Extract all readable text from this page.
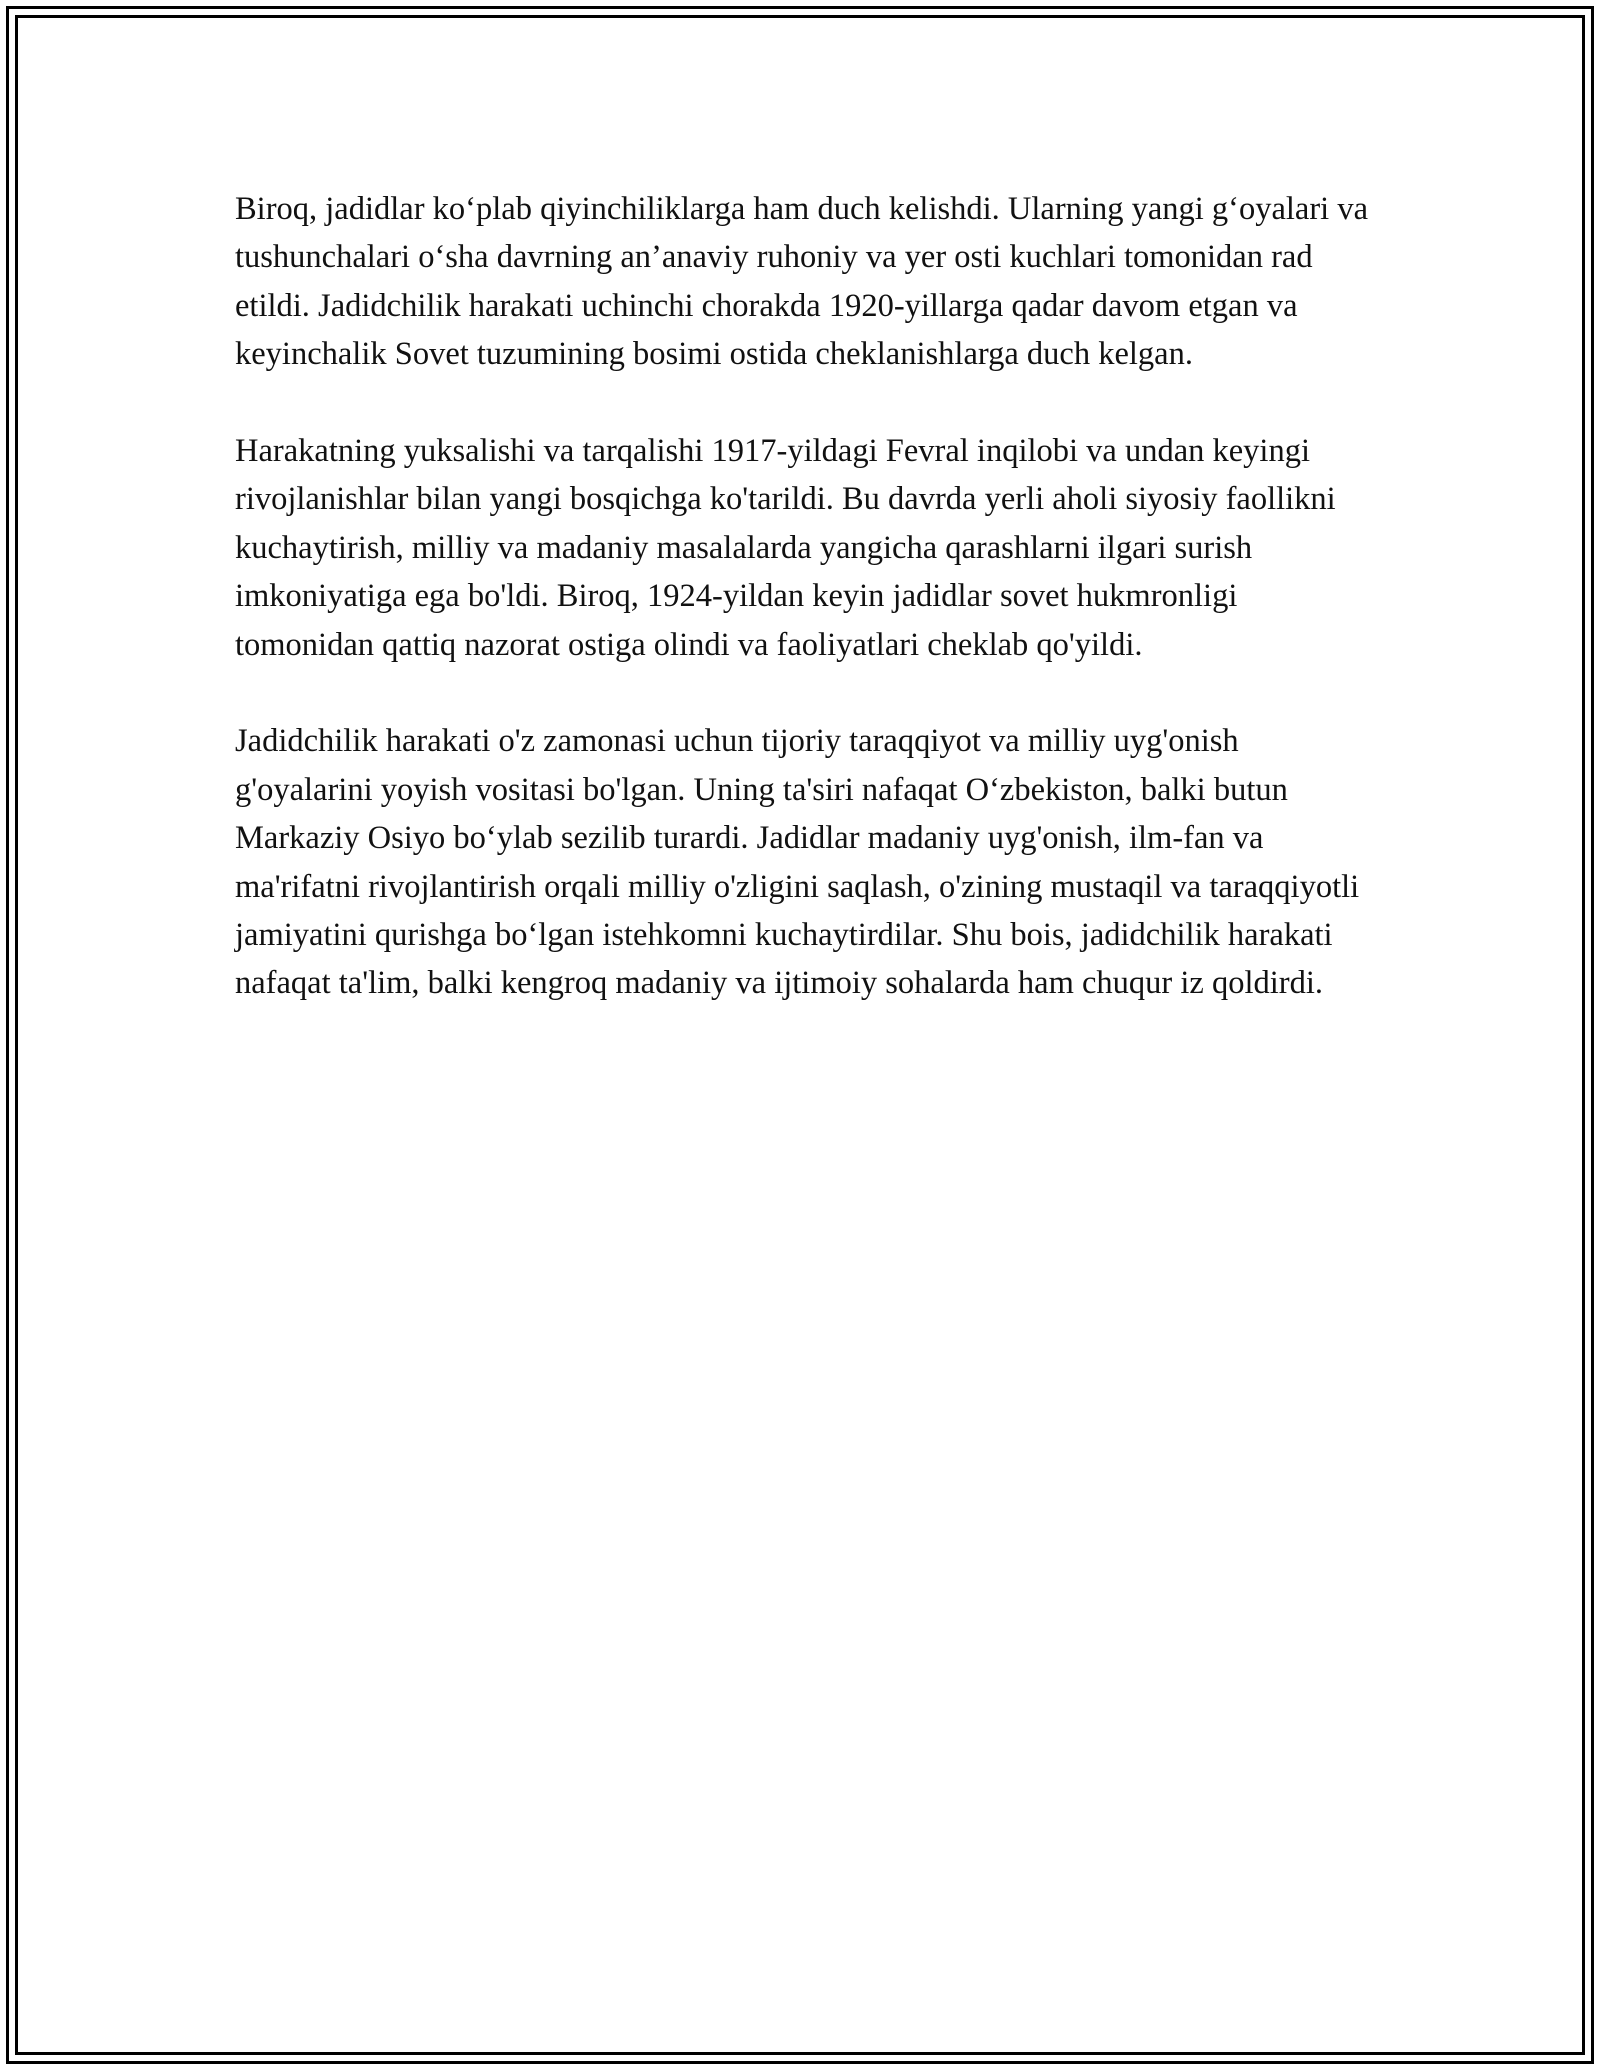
Biroq, jadidlar ko‘plab qiyinchiliklarga ham duch kelishdi. Ularning yangi g‘oyalari va tushunchalari o‘sha davrning an’anaviy ruhoniy va yer osti kuchlari tomonidan rad etildi. Jadidchilik harakati uchinchi chorakda 1920-yillarga qadar davom etgan va keyinchalik Sovet tuzumining bosimi ostida cheklanishlarga duch kelgan.

Harakatning yuksalishi va tarqalishi 1917-yildagi Fevral inqilobi va undan keyingi rivojlanishlar bilan yangi bosqichga ko'tarildi. Bu davrda yerli aholi siyosiy faollikni kuchaytirish, milliy va madaniy masalalarda yangicha qarashlarni ilgari surish imkoniyatiga ega bo'ldi. Biroq, 1924-yildan keyin jadidlar sovet hukmronligi tomonidan qattiq nazorat ostiga olindi va faoliyatlari cheklab qo'yildi.

Jadidchilik harakati o'z zamonasi uchun tijoriy taraqqiyot va milliy uyg'onish g'oyalarini yoyish vositasi bo'lgan. Uning ta'siri nafaqat O‘zbekiston, balki butun Markaziy Osiyo bo‘ylab sezilib turardi. Jadidlar madaniy uyg'onish, ilm-fan va ma'rifatni rivojlantirish orqali milliy o'zligini saqlash, o'zining mustaqil va taraqqiyotli jamiyatini qurishga bo‘lgan istehkomni kuchaytirdilar. Shu bois, jadidchilik harakati nafaqat ta'lim, balki kengroq madaniy va ijtimoiy sohalarda ham chuqur iz qoldirdi.
